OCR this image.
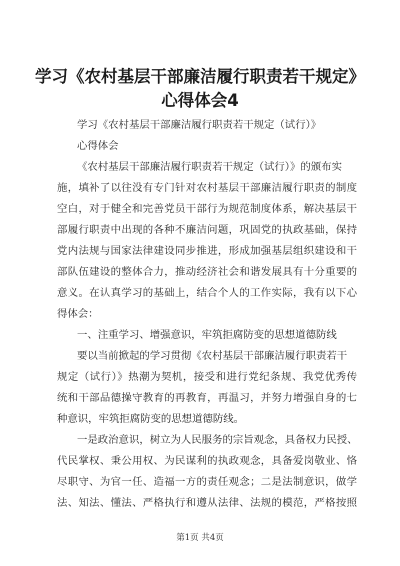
学习《农村基层干部廉洁履行职责若干规定》
心得体会4
学习《农村基层干部廉洁履行职责若干规定（试行）》
心得体会
《农村基层干部廉洁履行职责若干规定（试行）》的颁布实
施，填补了以往没有专门针对农村基层干部廉洁履行职责的制度
空白，对于健全和完善党员干部行为规范制度体系，解决基层干
部履行职责中出现的各种不廉洁问题，巩固党的执政基础，保持
党内法规与国家法律建设同步推进，形成加强基层组织建设和干
部队伍建设的整体合力，推动经济社会和谐发展具有十分重要的
意义。在认真学习的基础上，结合个人的工作实际，我有以下心
得体会：
一、注重学习、增强意识，牢筑拒腐防变的思想道德防线
要以当前掀起的学习贯彻《农村基层干部廉洁履行职责若干
规定（试行）》热潮为契机，接受和进行党纪条规、我党优秀传
统和干部品德操守教育的再教育，再温习，并努力增强自身的七
种意识，牢筑拒腐防变的思想道德防线。
一是政治意识，树立为人民服务的宗旨观念，具备权力民授、
代民掌权、秉公用权、为民谋利的执政观念，具备爱岗敬业、恪
尽职守、为官一任、造福一方的责任观念；二是法制意识，做学
法、知法、懂法、严格执行和遵从法律、法规的模范，严格按照
第1页 共4页
